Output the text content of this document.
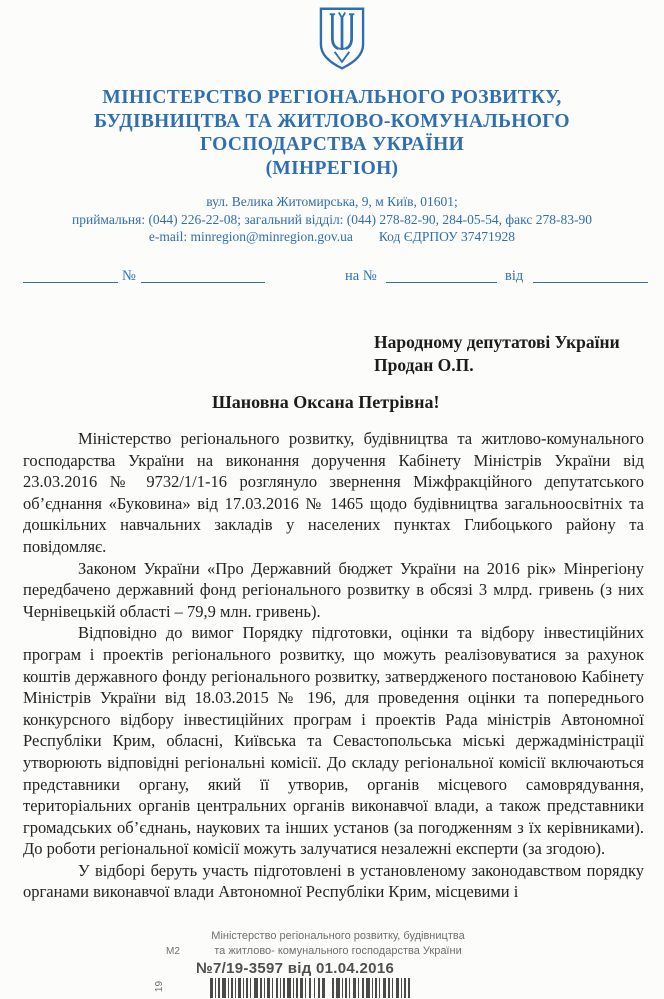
МІНІСТЕРСТВО РЕГІОНАЛЬНОГО РОЗВИТКУ,
БУДІВНИЦТВА ТА ЖИТЛОВО-КОМУНАЛЬНОГО
ГОСПОДАРСТВА УКРАЇНИ
(МІНРЕГІОН)
вул. Велика Житомирська, 9, м Київ, 01601;
приймальня: (044) 226-22-08; загальний відділ: (044) 278-82-90, 284-05-54, факс 278-83-90
e-mail: minregion@minregion.gov.ua Код ЄДРПОУ 37471928
№	на №	від
Народному депутатові України
Продан О.П.
Шановна Оксана Петрівна!

Міністерство регіонального розвитку, будівництва та житлово-комунального господарства України на виконання доручення Кабінету Міністрів України від 23.03.2016 № 9732/1/1-16 розглянуло звернення Міжфракційного депутатського об’єднання «Буковина» від 17.03.2016 № 1465 щодо будівництва загальноосвітніх та дошкільних навчальних закладів у населених пунктах Глибоцького району та повідомляє.

Законом України «Про Державний бюджет України на 2016 рік» Мінрегіону передбачено державний фонд регіонального розвитку в обсязі 3 млрд. гривень (з них Чернівецькій області – 79,9 млн. гривень).

Відповідно до вимог Порядку підготовки, оцінки та відбору інвестиційних програм і проектів регіонального розвитку, що можуть реалізовуватися за рахунок коштів державного фонду регіонального розвитку, затвердженого постановою Кабінету Міністрів України від 18.03.2015 № 196, для проведення оцінки та попереднього конкурсного відбору інвестиційних програм і проектів Рада міністрів Автономної Республіки Крим, обласні, Київська та Севастопольська міські держадміністрації утворюють відповідні регіональні комісії. До складу регіональної комісії включаються представники органу, який її утворив, органів місцевого самоврядування, територіальних органів центральних органів виконавчої влади, а також представники громадських об’єднань, наукових та інших установ (за погодженням з їх керівниками). До роботи регіональної комісії можуть залучатися незалежні експерти (за згодою).

У відборі беруть участь підготовлені в установленому законодавством порядку органами виконавчої влади Автономної Республіки Крим, місцевими і

М2
19
Міністерство регіонального розвитку, будівництва
та житлово- комунального господарства України
№7/19-3597 від 01.04.2016
